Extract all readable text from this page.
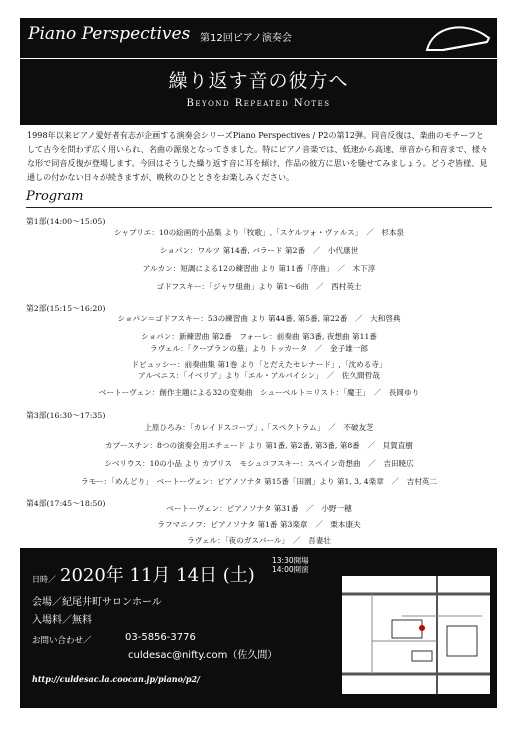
Piano Perspectives 第12回ピアノ演奏会
繰り返す音の彼方へ
Beyond Repeated Notes
1998年以来ピアノ愛好者有志が企画する演奏会シリーズPiano Perspectives / P2の第12弾。同音反復は、楽曲のモチーフとして古今を問わず広く用いられ、名曲の源泉となってきました。特にピアノ音楽では、低速から高速、単音から和音まで、様々な形で同音反復が登場します。今回はそうした繰り返す音に耳を傾け、作品の彼方に思いを馳せてみましょう。どうぞ皆様、見通しの付かない日々が続きますが、晩秋のひとときをお楽しみください。
Program
第1部(14:00〜15:05)
シャブリエ：10の絵画的小品集 より「牧歌」,「スケルツォ・ヴァルス」　／　杉本泉
ショパン：ワルツ 第14番, バラード 第2番　／　小代康世
アルカン：短調による12の練習曲 より 第11番「序曲」　／　木下淳
ゴドフスキー：「ジャワ組曲」より 第1〜6曲　／　西村英士
第2部(15:15〜16:20)
ショパン＝ゴドフスキー：53の練習曲 より 第44番, 第5番, 第22番　／　大和啓典
ショパン：新練習曲 第2番　フォーレ：前奏曲 第3番, 夜想曲 第11番
ラヴェル：「クープランの墓」より トッカータ　／　金子雄一郎
ドビュッシー：前奏曲集 第1巻 より「とだえたセレナード」,「沈める寺」
アルベニス：「イベリア」より「エル・アルバイシン」　／　佐久間哲哉
ベートーヴェン：創作主題による32の変奏曲　シューベルト＝リスト：「魔王」　／　長岡ゆり
第3部(16:30〜17:35)
上原ひろみ：「カレイドスコープ」,「スペクトラム」　／　不破友芝
カプースチン：8つの演奏会用エチュード より 第1番, 第2番, 第3番, 第8番　／　貝賀直樹
シベリウス：10の小品 より カプリス　モシュコフスキー：スペイン奇想曲　／　吉田暁広
ラモー：「めんどり」　ベートーヴェン：ピアノソナタ 第15番「田園」より 第1, 3, 4楽章　／　吉村英二
第4部(17:45〜18:50)
ベートーヴェン：ピアノソナタ 第31番　／　小野一穂
ラフマニノフ：ピアノソナタ 第1番 第3楽章　／　栗本康夫
ラヴェル：「夜のガスパール」　／　吾妻壮
日時／ 2020年 11月 14日 (土)
13:30開場
14:00開演
会場／紀尾井町サロンホール
入場料／無料
お問い合わせ／	03-5856-3776
culdesac@nifty.com（佐久間）
http://culdesac.la.coocan.jp/piano/p2/
